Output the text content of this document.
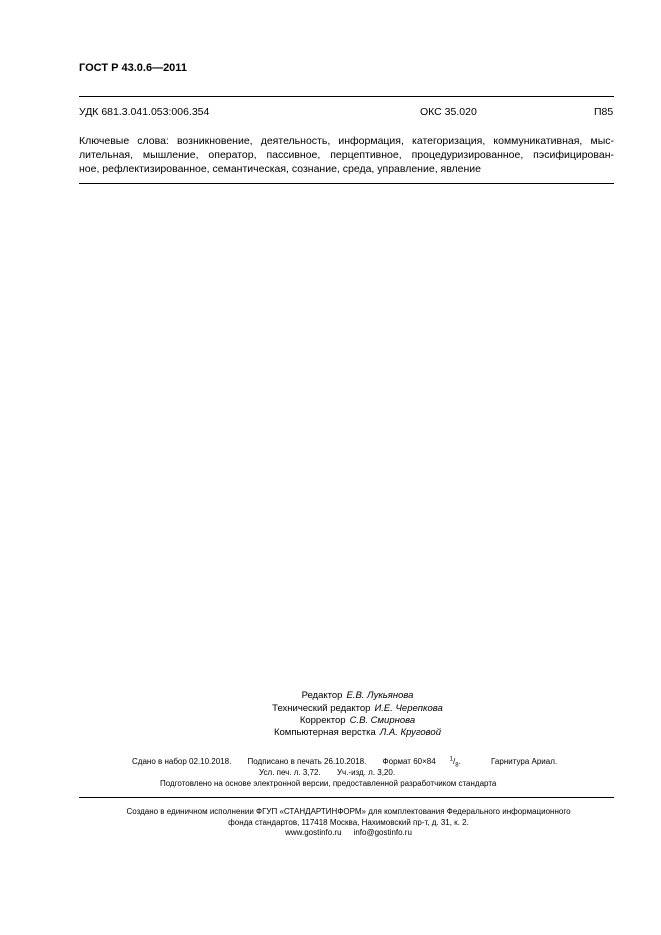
ГОСТ Р 43.0.6—2011
УДК 681.3.041.053:006.354	ОКС 35.020	П85
Ключевые слова: возникновение, деятельность, информация, категоризация, коммуникативная, мыс-
лительная, мышление, оператор, пассивное, перцептивное, процедуризированное, пэсифицирован-
ное, рефлектизированное, семантическая, сознание, среда, управление, явление
Редактор Е.В. Лукьянова
Технический редактор И.Е. Черепкова
Корректор С.В. Смирнова
Компьютерная верстка Л.А. Круговой
Сдано в набор 02.10.2018. Подписано в печать 26.10.2018. Формат 60×84 $^1/_8$.	Гарнитура Ариал.
Усл. печ. л. 3,72. Уч.-изд. л. 3,20.
Подготовлено на основе электронной версии, предоставленной разработчиком стандарта
Создано в единичном исполнении ФГУП «СТАНДАРТИНФОРМ» для комплектования Федерального информационного
фонда стандартов, 117418 Москва, Нахимовский пр-т, д. 31, к. 2.
www.gostinfo.ru info@gostinfo.ru
